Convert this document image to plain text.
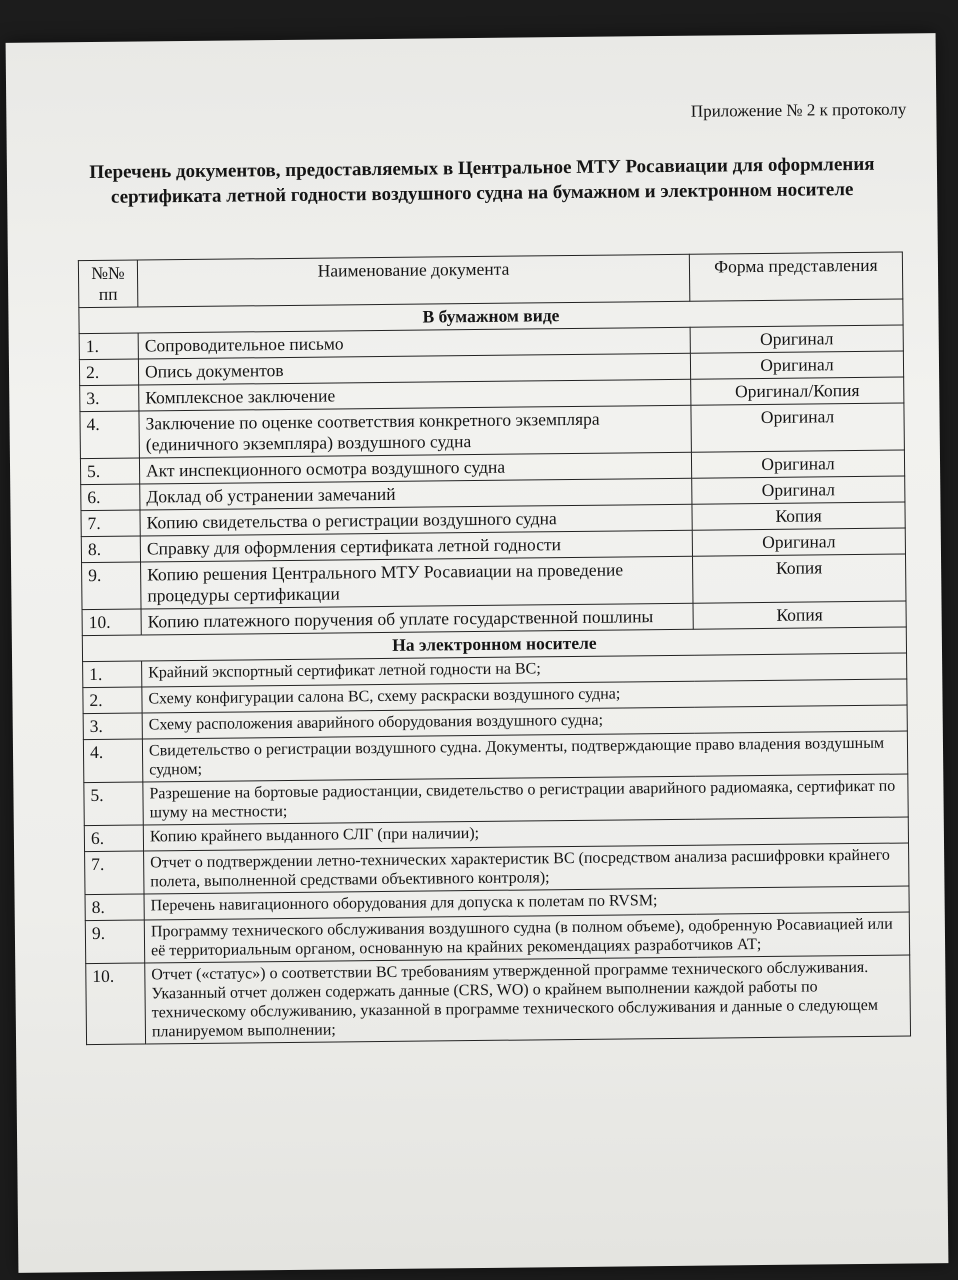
Приложение № 2 к протоколу
Перечень документов, предоставляемых в Центральное МТУ Росавиации для оформления сертификата летной годности воздушного судна на бумажном и электронном носителе
№№ пп	Наименование документа	Форма представления
В бумажном виде		
1.	Сопроводительное письмо	Оригинал
2.	Опись документов	Оригинал
3.	Комплексное заключение	Оригинал/Копия
4.	Заключение по оценке соответствия конкретного экземпляра (единичного экземпляра) воздушного судна	Оригинал
5.	Акт инспекционного осмотра воздушного судна	Оригинал
6.	Доклад об устранении замечаний	Оригинал
7.	Копию свидетельства о регистрации воздушного судна	Копия
8.	Справку для оформления сертификата летной годности	Оригинал
9.	Копию решения Центрального МТУ Росавиации на проведение процедуры сертификации	Копия
10.	Копию платежного поручения об уплате государственной пошлины	Копия
На электронном носителе		
1.	Крайний экспортный сертификат летной годности на ВС;	
2.	Схему конфигурации салона ВС, схему раскраски воздушного судна;	
3.	Схему расположения аварийного оборудования воздушного судна;	
4.	Свидетельство о регистрации воздушного судна. Документы, подтверждающие право владения воздушным судном;	
5.	Разрешение на бортовые радиостанции, свидетельство о регистрации аварийного радиомаяка, сертификат по шуму на местности;	
6.	Копию крайнего выданного СЛГ (при наличии);	
7.	Отчет о подтверждении летно-технических характеристик ВС (посредством анализа расшифровки крайнего полета, выполненной средствами объективного контроля);	
8.	Перечень навигационного оборудования для допуска к полетам по RVSM;	
9.	Программу технического обслуживания воздушного судна (в полном объеме), одобренную Росавиацией или её территориальным органом, основанную на крайних рекомендациях разработчиков АТ;	
10.	Отчет («статус») о соответствии ВС требованиям утвержденной программе технического обслуживания. Указанный отчет должен содержать данные (CRS, WO) о крайнем выполнении каждой работы по техническому обслуживанию, указанной в программе технического обслуживания и данные о следующем планируемом выполнении;	
